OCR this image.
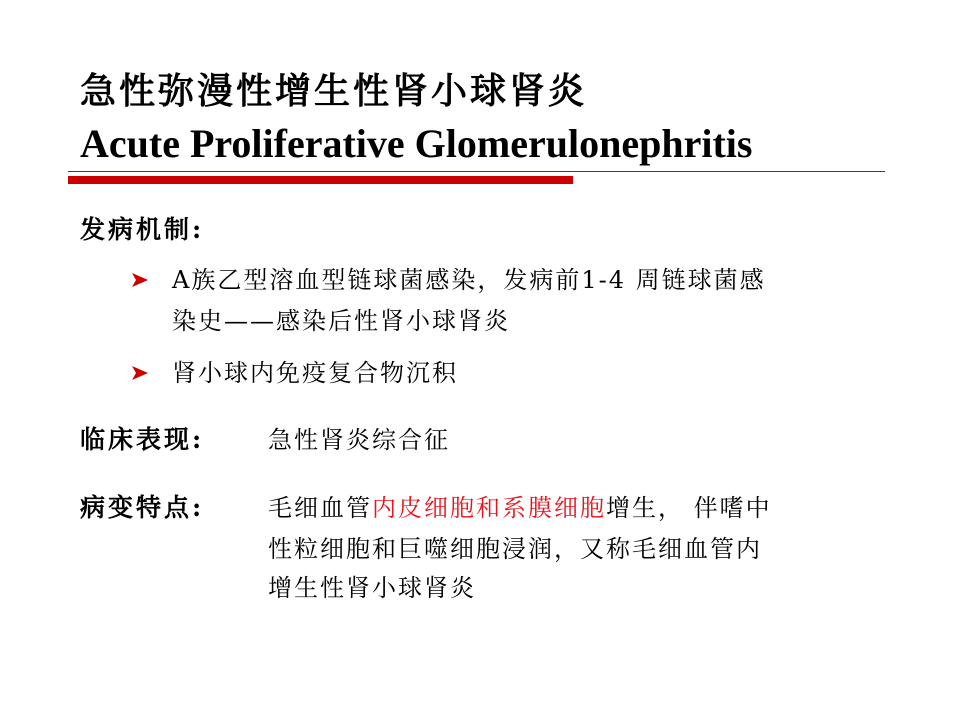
急性弥漫性增生性肾小球肾炎
Acute Proliferative Glomerulonephritis
发病机制:
A族乙型溶血型链球菌感染，发病前1-4 周链球菌感
染史——感染后性肾小球肾炎
肾小球内免疫复合物沉积
临床表现:	急性肾炎综合征
病变特点:	毛细血管内皮细胞和系膜细胞增生， 伴嗜中
性粒细胞和巨噬细胞浸润，又称毛细血管内
增生性肾小球肾炎
